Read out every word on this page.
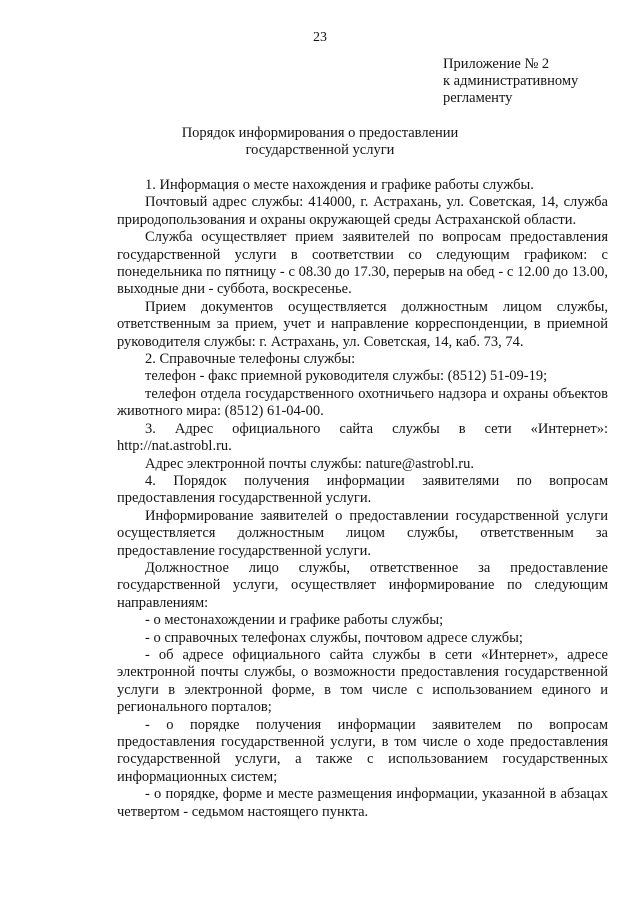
23
Приложение № 2
к административному
регламенту
Порядок информирования о предоставлении
государственной услуги

1. Информация о месте нахождения и графике работы службы.

Почтовый адрес службы: 414000, г. Астрахань, ул. Советская, 14, служба природопользования и охраны окружающей среды Астраханской области.

Служба осуществляет прием заявителей по вопросам предоставления государственной услуги в соответствии со следующим графиком: с понедельника по пятницу - с 08.30 до 17.30, перерыв на обед - с 12.00 до 13.00, выходные дни - суббота, воскресенье.

Прием документов осуществляется должностным лицом службы, ответственным за прием, учет и направление корреспонденции, в приемной руководителя службы: г. Астрахань, ул. Советская, 14, каб. 73, 74.

2. Справочные телефоны службы:

телефон - факс приемной руководителя службы: (8512) 51-09-19;

телефон отдела государственного охотничьего надзора и охраны объектов животного мира: (8512) 61-04-00.

3. Адрес официального сайта службы в сети «Интернет»: http://nat.astrobl.ru.

Адрес электронной почты службы: nature@astrobl.ru.

4. Порядок получения информации заявителями по вопросам предоставления государственной услуги.

Информирование заявителей о предоставлении государственной услуги осуществляется должностным лицом службы, ответственным за предоставление государственной услуги.

Должностное лицо службы, ответственное за предоставление государственной услуги, осуществляет информирование по следующим направлениям:

- о местонахождении и графике работы службы;

- о справочных телефонах службы, почтовом адресе службы;

- об адресе официального сайта службы в сети «Интернет», адресе электронной почты службы, о возможности предоставления государственной услуги в электронной форме, в том числе с использованием единого и регионального порталов;

- о порядке получения информации заявителем по вопросам предоставления государственной услуги, в том числе о ходе предоставления государственной услуги, а также с использованием государственных информационных систем;

- о порядке, форме и месте размещения информации, указанной в абзацах четвертом - седьмом настоящего пункта.
